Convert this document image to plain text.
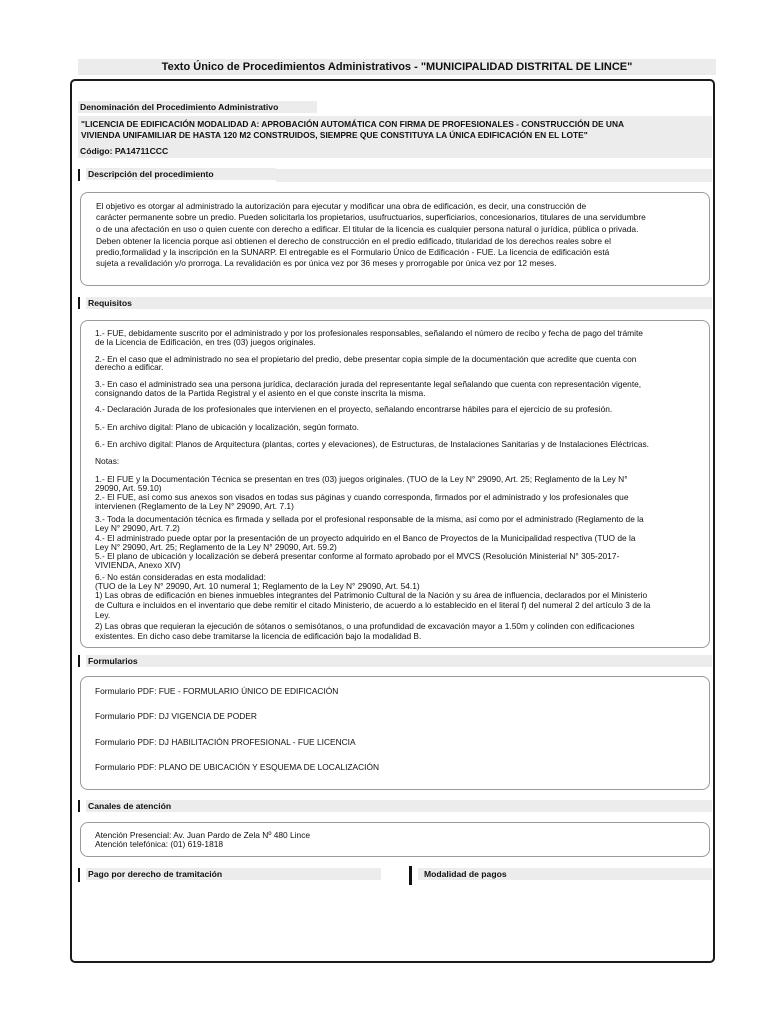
Texto Único de Procedimientos Administrativos - "MUNICIPALIDAD DISTRITAL DE LINCE"
Denominación del Procedimiento Administrativo
"LICENCIA DE EDIFICACIÓN MODALIDAD A: APROBACIÓN AUTOMÁTICA CON FIRMA DE PROFESIONALES - CONSTRUCCIÓN DE UNA
VIVIENDA UNIFAMILIAR DE HASTA 120 M2 CONSTRUIDOS, SIEMPRE QUE CONSTITUYA LA ÚNICA EDIFICACIÓN EN EL LOTE"
Código: PA14711CCC
Descripción del procedimiento
El objetivo es otorgar al administrado la autorización para ejecutar y modificar una obra de edificación, es decir, una construcción de
carácter permanente sobre un predio. Pueden solicitarla los propietarios, usufructuarios, superficiarios, concesionarios, titulares de una servidumbre
o de una afectación en uso o quien cuente con derecho a edificar. El titular de la licencia es cualquier persona natural o jurídica, pública o privada.
Deben obtener la licencia porque así obtienen el derecho de construcción en el predio edificado, titularidad de los derechos reales sobre el
predio,formalidad y la inscripción en la SUNARP. El entregable es el Formulario Único de Edificación - FUE. La licencia de edificación está
sujeta a revalidación y/o prorroga. La revalidación es por única vez por 36 meses y prorrogable por única vez por 12 meses.
Requisitos
1.- FUE, debidamente suscrito por el administrado y por los profesionales responsables, señalando el número de recibo y fecha de pago del trámite
de la Licencia de Edificación, en tres (03) juegos originales.
2.- En el caso que el administrado no sea el propietario del predio, debe presentar copia simple de la documentación que acredite que cuenta con
derecho a edificar.
3.- En caso el administrado sea una persona jurídica, declaración jurada del representante legal señalando que cuenta con representación vigente,
consignando datos de la Partida Registral y el asiento en el que conste inscrita la misma.
4.- Declaración Jurada de los profesionales que intervienen en el proyecto, señalando encontrarse hábiles para el ejercicio de su profesión.
5.- En archivo digital: Plano de ubicación y localización, según formato.
6.- En archivo digital: Planos de Arquitectura (plantas, cortes y elevaciones), de Estructuras, de Instalaciones Sanitarias y de Instalaciones Eléctricas.
Notas:
1.- El FUE y la Documentación Técnica se presentan en tres (03) juegos originales. (TUO de la Ley N° 29090, Art. 25; Reglamento de la Ley N°
29090, Art. 59.10)
2.- El FUE, así como sus anexos son visados en todas sus páginas y cuando corresponda, firmados por el administrado y los profesionales que
intervienen (Reglamento de la Ley N° 29090, Art. 7.1)
3.- Toda la documentación técnica es firmada y sellada por el profesional responsable de la misma, así como por el administrado (Reglamento de la
Ley N° 29090, Art. 7.2)
4.- El administrado puede optar por la presentación de un proyecto adquirido en el Banco de Proyectos de la Municipalidad respectiva (TUO de la
Ley N° 29090, Art. 25; Reglamento de la Ley N° 29090, Art. 59.2)
5.- El plano de ubicación y localización se deberá presentar conforme al formato aprobado por el MVCS (Resolución Ministerial N° 305-2017-
VIVIENDA, Anexo XIV)
6.- No están consideradas en esta modalidad:
(TUO de la Ley N° 29090, Art. 10 numeral 1; Reglamento de la Ley N° 29090, Art. 54.1)
1) Las obras de edificación en bienes inmuebles integrantes del Patrimonio Cultural de la Nación y su área de influencia, declarados por el Ministerio
de Cultura e incluidos en el inventario que debe remitir el citado Ministerio, de acuerdo a lo establecido en el literal f) del numeral 2 del artículo 3 de la
Ley.
2) Las obras que requieran la ejecución de sótanos o semisótanos, o una profundidad de excavación mayor a 1.50m y colinden con edificaciones
existentes. En dicho caso debe tramitarse la licencia de edificación bajo la modalidad B.
Formularios
Formulario PDF: FUE - FORMULARIO ÚNICO DE EDIFICACIÓN
Formulario PDF: DJ VIGENCIA DE PODER
Formulario PDF: DJ HABILITACIÓN PROFESIONAL - FUE LICENCIA
Formulario PDF: PLANO DE UBICACIÓN Y ESQUEMA DE LOCALIZACIÓN
Canales de atención
Atención Presencial: Av. Juan Pardo de Zela Nº 480 Lince
Atención telefónica: (01) 619-1818
Pago por derecho de tramitación	Modalidad de pagos
